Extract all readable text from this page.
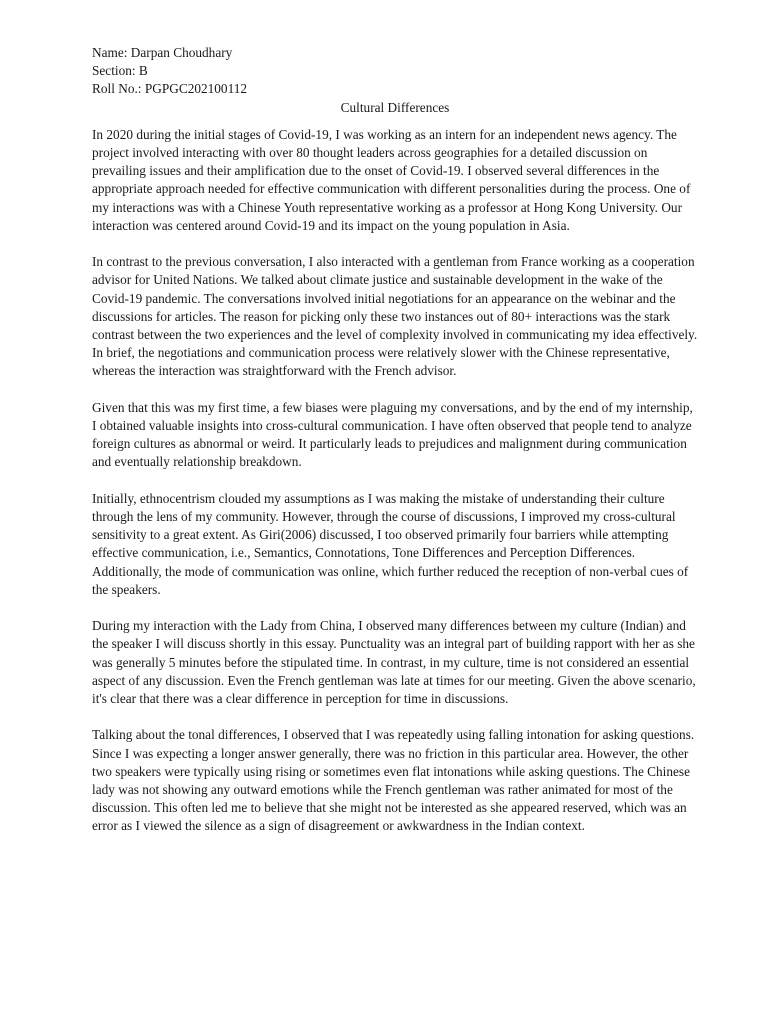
Name: Darpan Choudhary

Section: B

Roll No.: PGPGC202100112

Cultural Differences

In 2020 during the initial stages of Covid-19, I was working as an intern for an independent news agency. The project involved interacting with over 80 thought leaders across geographies for a detailed discussion on prevailing issues and their amplification due to the onset of Covid-19. I observed several differences in the appropriate approach needed for effective communication with different personalities during the process. One of my interactions was with a Chinese Youth representative working as a professor at Hong Kong University. Our interaction was centered around Covid-19 and its impact on the young population in Asia.

In contrast to the previous conversation, I also interacted with a gentleman from France working as a cooperation advisor for United Nations. We talked about climate justice and sustainable development in the wake of the Covid-19 pandemic. The conversations involved initial negotiations for an appearance on the webinar and the discussions for articles. The reason for picking only these two instances out of 80+ interactions was the stark contrast between the two experiences and the level of complexity involved in communicating my idea effectively. In brief, the negotiations and communication process were relatively slower with the Chinese representative, whereas the interaction was straightforward with the French advisor.

Given that this was my first time, a few biases were plaguing my conversations, and by the end of my internship, I obtained valuable insights into cross-cultural communication. I have often observed that people tend to analyze foreign cultures as abnormal or weird. It particularly leads to prejudices and malignment during communication and eventually relationship breakdown.

Initially, ethnocentrism clouded my assumptions as I was making the mistake of understanding their culture through the lens of my community. However, through the course of discussions, I improved my cross-cultural sensitivity to a great extent. As Giri(2006) discussed, I too observed primarily four barriers while attempting effective communication, i.e., Semantics, Connotations, Tone Differences and Perception Differences. Additionally, the mode of communication was online, which further reduced the reception of non-verbal cues of the speakers.

During my interaction with the Lady from China, I observed many differences between my culture (Indian) and the speaker I will discuss shortly in this essay. Punctuality was an integral part of building rapport with her as she was generally 5 minutes before the stipulated time. In contrast, in my culture, time is not considered an essential aspect of any discussion. Even the French gentleman was late at times for our meeting. Given the above scenario, it's clear that there was a clear difference in perception for time in discussions.

Talking about the tonal differences, I observed that I was repeatedly using falling intonation for asking questions. Since I was expecting a longer answer generally, there was no friction in this particular area. However, the other two speakers were typically using rising or sometimes even flat intonations while asking questions. The Chinese lady was not showing any outward emotions while the French gentleman was rather animated for most of the discussion. This often led me to believe that she might not be interested as she appeared reserved, which was an error as I viewed the silence as a sign of disagreement or awkwardness in the Indian context.
